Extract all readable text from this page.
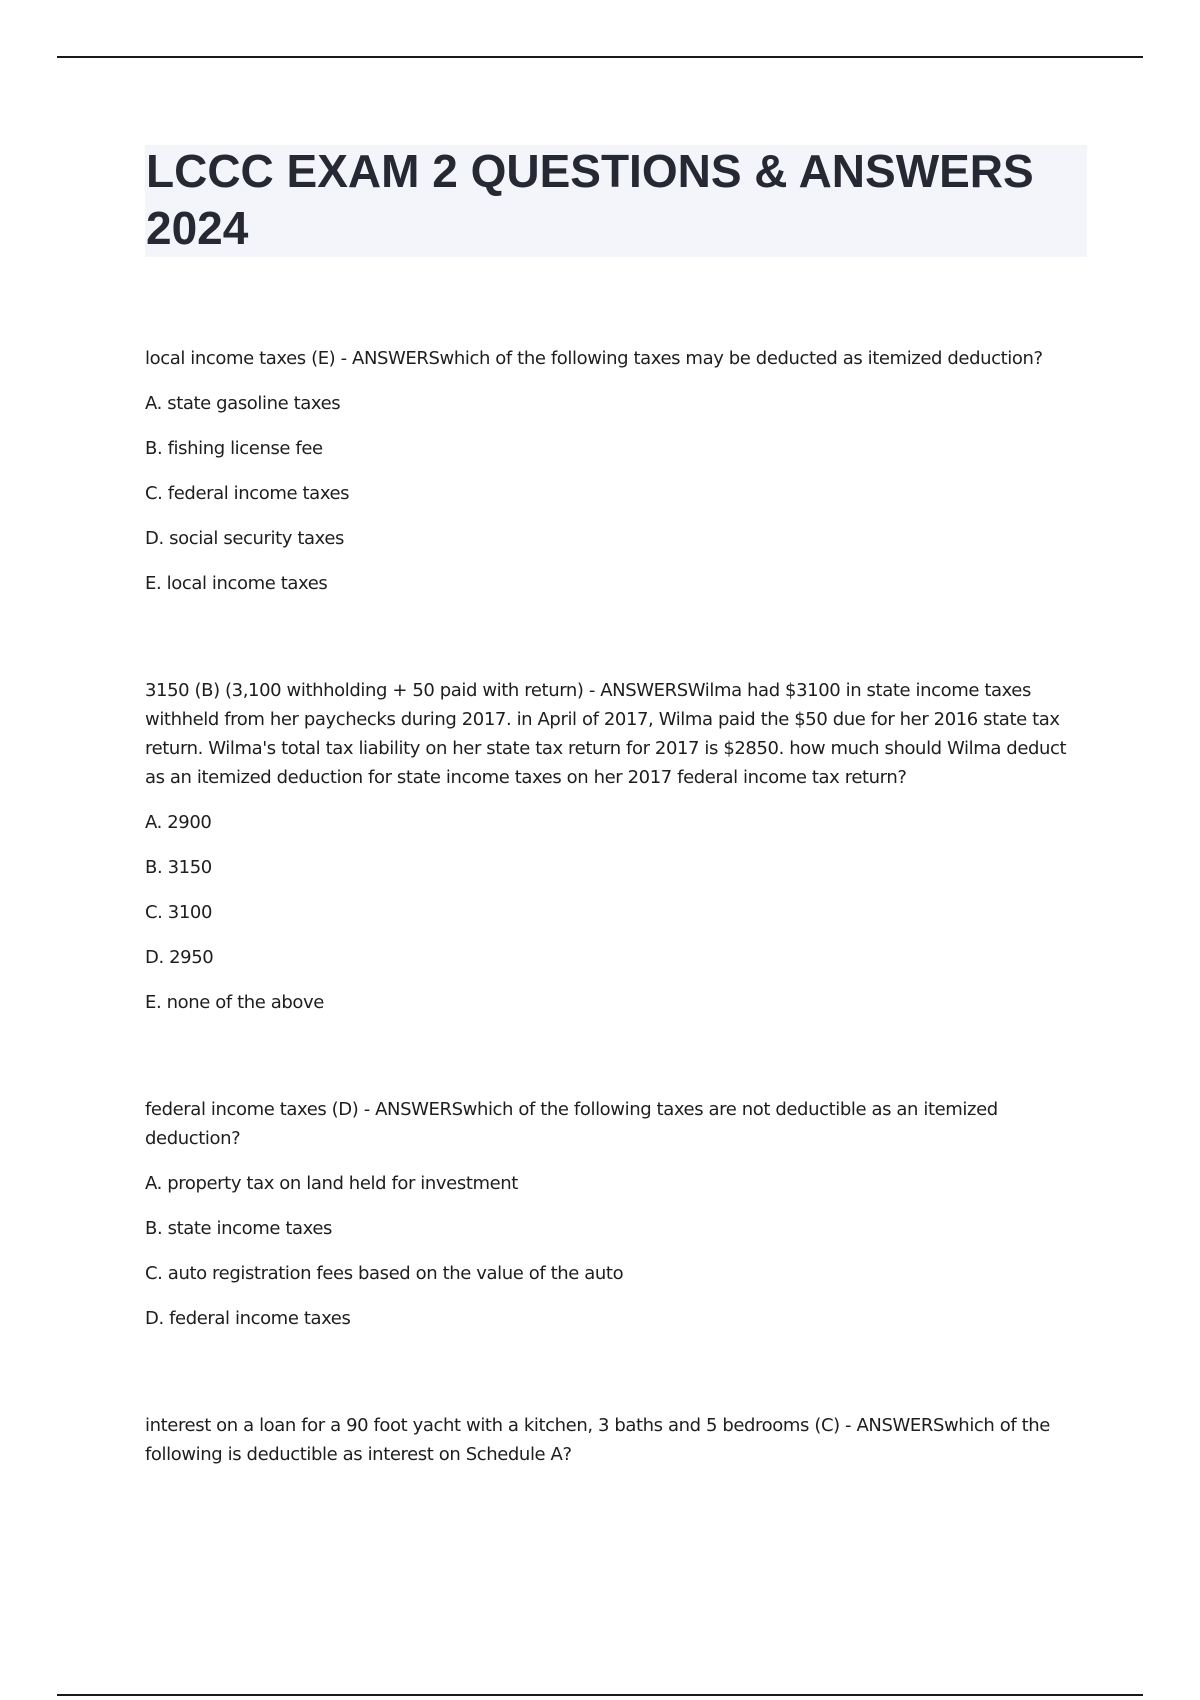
LCCC EXAM 2 QUESTIONS & ANSWERS 2024

local income taxes (E) - ANSWERSwhich of the following taxes may be deducted as itemized deduction?

A. state gasoline taxes
B. fishing license fee
C. federal income taxes
D. social security taxes
E. local income taxes

3150 (B) (3,100 withholding + 50 paid with return) - ANSWERSWilma had $3100 in state income taxes withheld from her paychecks during 2017. in April of 2017, Wilma paid the $50 due for her 2016 state tax return. Wilma's total tax liability on her state tax return for 2017 is $2850. how much should Wilma deduct as an itemized deduction for state income taxes on her 2017 federal income tax return?

A. 2900
B. 3150
C. 3100
D. 2950
E. none of the above

federal income taxes (D) - ANSWERSwhich of the following taxes are not deductible as an itemized deduction?

A. property tax on land held for investment
B. state income taxes
C. auto registration fees based on the value of the auto
D. federal income taxes

interest on a loan for a 90 foot yacht with a kitchen, 3 baths and 5 bedrooms (C) - ANSWERSwhich of the following is deductible as interest on Schedule A?
